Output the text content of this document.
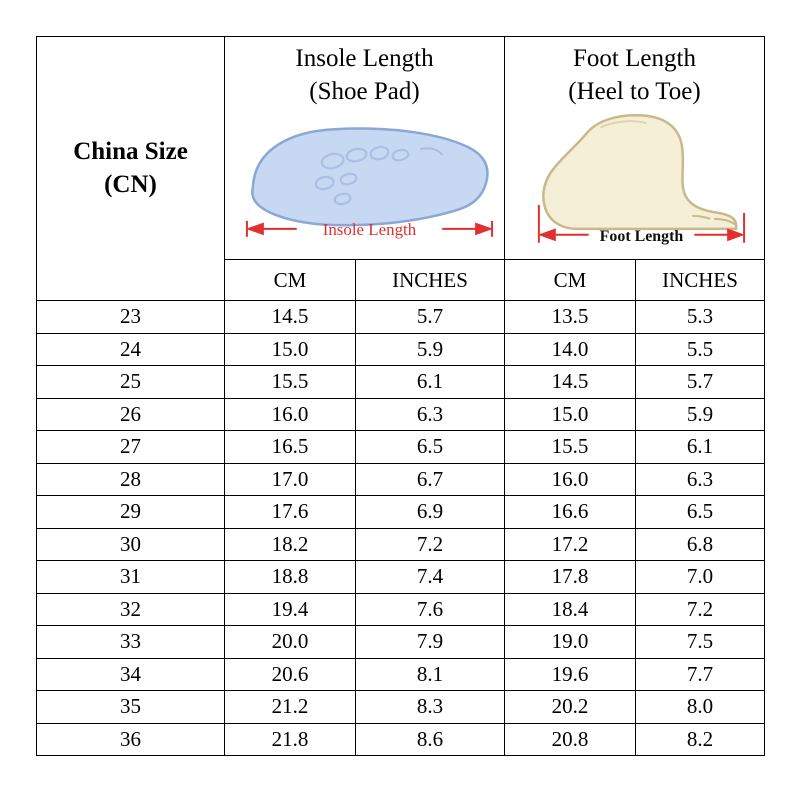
China Size
(CN)

Insole Length
(Shoe Pad)
Insole Length

Foot Length
(Heel to Toe)
Foot Length

	CM	INCHES	CM	INCHES
23	14.5	5.7	13.5	5.3
24	15.0	5.9	14.0	5.5
25	15.5	6.1	14.5	5.7
26	16.0	6.3	15.0	5.9
27	16.5	6.5	15.5	6.1
28	17.0	6.7	16.0	6.3
29	17.6	6.9	16.6	6.5
30	18.2	7.2	17.2	6.8
31	18.8	7.4	17.8	7.0
32	19.4	7.6	18.4	7.2
33	20.0	7.9	19.0	7.5
34	20.6	8.1	19.6	7.7
35	21.2	8.3	20.2	8.0
36	21.8	8.6	20.8	8.2
